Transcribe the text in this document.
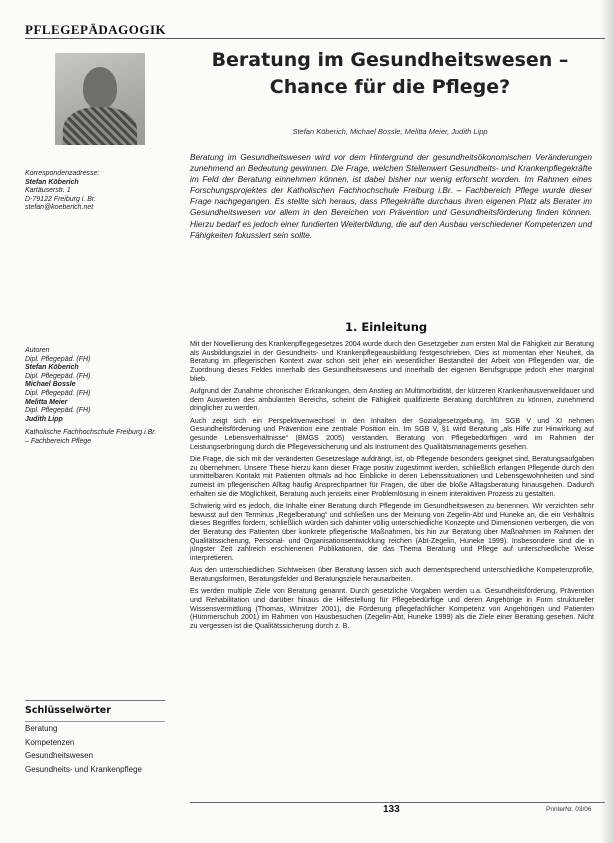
PFLEGEPÄDAGOGIK
Beratung im Gesundheitswesen – Chance für die Pflege?
Stefan Köberich, Michael Bossle, Melitta Meier, Judith Lipp
Korrespondenzadresse:
Stefan Köberich
Kartäuserstr. 1
D-79122 Freiburg i. Br.
stefan@koeberich.net
Beratung im Gesundheitswesen wird vor dem Hintergrund der gesundheitsökonomischen Veränderungen zunehmend an Bedeutung gewinnen. Die Frage, welchen Stellenwert Gesundheits- und Krankenpflegekräfte im Feld der Beratung einnehmen können, ist dabei bisher nur wenig erforscht worden. Im Rahmen eines Forschungsprojektes der Katholischen Fachhochschule Freiburg i.Br. – Fachbereich Pflege wurde dieser Frage nachgegangen. Es stellte sich heraus, dass Pflegekräfte durchaus ihren eigenen Platz als Berater im Gesundheitswesen vor allem in den Bereichen von Prävention und Gesundheitsförderung finden können. Hierzu bedarf es jedoch einer fundierten Weiterbildung, die auf den Ausbau verschiedener Kompetenzen und Fähigkeiten fokussiert sein sollte.
1. Einleitung
Autoren
Dipl. Pflegepäd. (FH)
Stefan Köberich
Dipl. Pflegepäd. (FH)
Michael Bossle
Dipl. Pflegepäd. (FH)
Melitta Meier
Dipl. Pflegepäd. (FH)
Judith Lipp
Katholische Fachhochschule Freiburg i.Br. – Fachbereich Pflege

Mit der Novellierung des Krankenpflegegesetzes 2004 wurde durch den Gesetzgeber zum ersten Mal die Fähigkeit zur Beratung als Ausbildungsziel in der Gesundheits- und Krankenpflegeausbildung festgeschrieben. Dies ist momentan eher Neuheit, da Beratung im pflegerischen Kontext zwar schon seit jeher ein wesentlicher Bestandteil der Arbeit von Pflegenden war, die Zuordnung dieses Feldes innerhalb des Gesundheitswesens und innerhalb der eigenen Berufsgruppe jedoch eher marginal blieb.

Aufgrund der Zunahme chronischer Erkrankungen, dem Anstieg an Multimorbidität, der kürzeren Krankenhausverweildauer und dem Ausweiten des ambulanten Bereichs, scheint die Fähigkeit qualifizierte Beratung durchführen zu können, zunehmend dringlicher zu werden.

Auch zeigt sich ein Perspektivenwechsel in den Inhalten der Sozialgesetzgebung. Im SGB V und XI nehmen Gesundheitsförderung und Prävention eine zentrale Position ein. Im SGB V, §1 wird Beratung „als Hilfe zur Hinwirkung auf gesunde Lebensverhältnisse“ (BMGS 2005) verstanden. Beratung von Pflegebedürftigen wird im Rahmen der Leistungserbringung durch die Pflegeversicherung und als Instrument des Qualitätsmanagements gesehen.

Die Frage, die sich mit der veränderten Gesetzeslage aufdrängt, ist, ob Pflegende besonders geeignet sind, Beratungsaufgaben zu übernehmen. Unsere These hierzu kann dieser Frage positiv zugestimmt werden, schließlich erlangen Pflegende durch den unmittelbaren Kontakt mit Patienten oftmals ad hoc Einblicke in deren Lebenssituationen und Lebensgewohnheiten und sind zumeist im pflegerischen Alltag häufig Ansprechpartner für Fragen, die über die bloße Alltagsberatung hinausgehen. Dadurch erhalten sie die Möglichkeit, Beratung auch jenseits einer Problemlösung in einem interaktiven Prozess zu gestalten.

Schwierig wird es jedoch, die Inhalte einer Beratung durch Pflegende im Gesundheitswesen zu benennen. Wir verzichten sehr bewusst auf den Terminus „Regelberatung“ und schließen uns der Meinung von Zegelin-Abt und Huneke an, die ein Verhältnis dieses Begriffes fordern, schließlich würden sich dahinter völlig unterschiedliche Konzepte und Dimensionen verbergen, die von der Beratung des Patienten über konkrete pflegerische Maßnahmen, bis hin zur Beratung über Maßnahmen im Rahmen der Qualitätssicherung, Personal- und Organisationsentwicklung reichen (Abt-Zegelin, Huneke 1999). Insbesondere sind die in jüngster Zeit zahlreich erschienenen Publikationen, die das Thema Beratung und Pflege auf unterschiedliche Weise interpretieren.

Aus den unterschiedlichen Sichtweisen über Beratung lassen sich auch dementsprechend unterschiedliche Kompetenzprofile, Beratungsformen, Beratungsfelder und Beratungsziele herausarbeiten.

Es werden multiple Ziele von Beratung genannt. Durch gesetzliche Vorgaben werden u.a. Gesundheitsförderung, Prävention und Rehabilitation und darüber hinaus die Hilfestellung für Pflegebedürftige und deren Angehörige in Form struktureller Wissensvermittlung (Thomas, Wirnitzer 2001), die Förderung pflegefachlicher Kompetenz von Angehörigen und Patienten (Hümmerschuh 2001) im Rahmen von Hausbesuchen (Zegelin-Abt, Huneke 1999) als die Ziele einer Beratung gesehen. Nicht zu vergessen ist die Qualitätssicherung durch z. B.

Schlüsselwörter
Beratung
Kompetenzen
Gesundheitswesen
Gesundheits- und Krankenpflege
133	PrinterNr. 03/06
